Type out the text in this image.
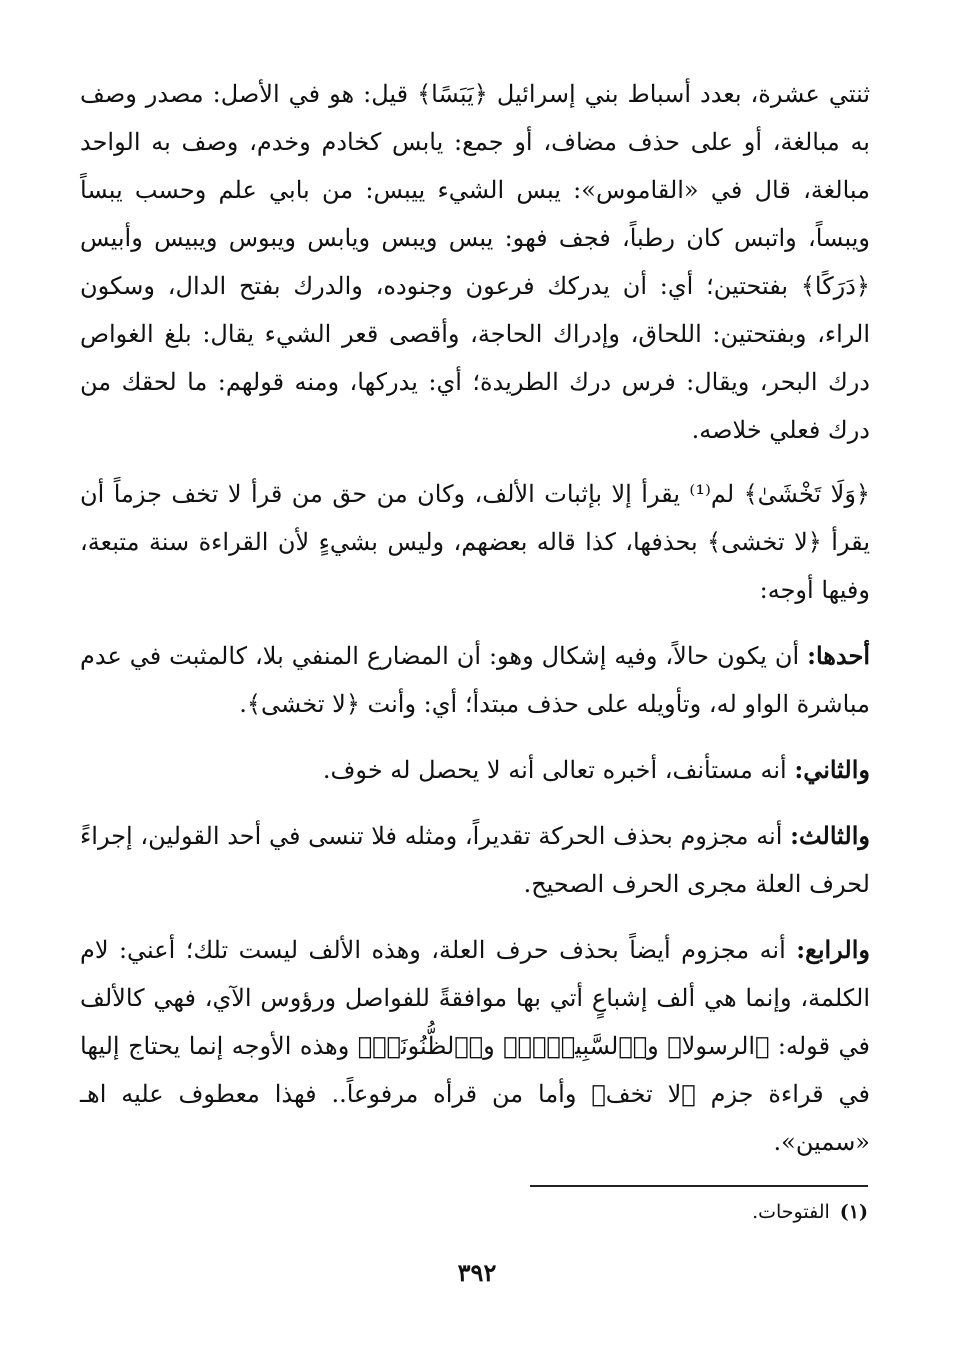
ثنتي عشرة، بعدد أسباط بني إسرائيل ﴿يَبَسًا﴾ قيل: هو في الأصل: مصدر وصف به مبالغة، أو على حذف مضاف، أو جمع: يابس كخادم وخدم، وصف به الواحد مبالغة، قال في «القاموس»: يبس الشيء ييبس: من بابي علم وحسب يبساً ويبساً، واتبس كان رطباً، فجف فهو: يبس ويبس ويابس ويبوس ويبيس وأبيس ﴿دَرَكًا﴾ بفتحتين؛ أي: أن يدركك فرعون وجنوده، والدرك بفتح الدال، وسكون الراء، وبفتحتين: اللحاق، وإدراك الحاجة، وأقصى قعر الشيء يقال: بلغ الغواص درك البحر، ويقال: فرس درك الطريدة؛ أي: يدركها، ومنه قولهم: ما لحقك من درك فعلي خلاصه.

﴿وَلَا تَخْشَىٰ﴾ لم⁽¹⁾ يقرأ إلا بإثبات الألف، وكان من حق من قرأ لا تخف جزماً أن يقرأ ﴿لا تخشى﴾ بحذفها، كذا قاله بعضهم، وليس بشيءٍ لأن القراءة سنة متبعة، وفيها أوجه:

أحدها: أن يكون حالاً، وفيه إشكال وهو: أن المضارع المنفي بلا، كالمثبت في عدم مباشرة الواو له، وتأويله على حذف مبتدأ؛ أي: وأنت ﴿لا تخشى﴾.

والثاني: أنه مستأنف، أخبره تعالى أنه لا يحصل له خوف.

والثالث: أنه مجزوم بحذف الحركة تقديراً، ومثله فلا تنسى في أحد القولين، إجراءً لحرف العلة مجرى الحرف الصحيح.

والرابع: أنه مجزوم أيضاً بحذف حرف العلة، وهذه الألف ليست تلك؛ أعني: لام الكلمة، وإنما هي ألف إشباعٍ أتي بها موافقةً للفواصل ورؤوس الآي، فهي كالألف في قوله: ﴿الرسولا﴾ و﴿ٱلسَّبِيلَا۠﴾ و﴿ٱلظُّنُونَا۠﴾ وهذه الأوجه إنما يحتاج إليها في قراءة جزم ﴿لا تخف﴾ وأما من قرأه مرفوعاً.. فهذا معطوف عليه اهـ «سمين».

(١)الفتوحات.
٣٩٢
